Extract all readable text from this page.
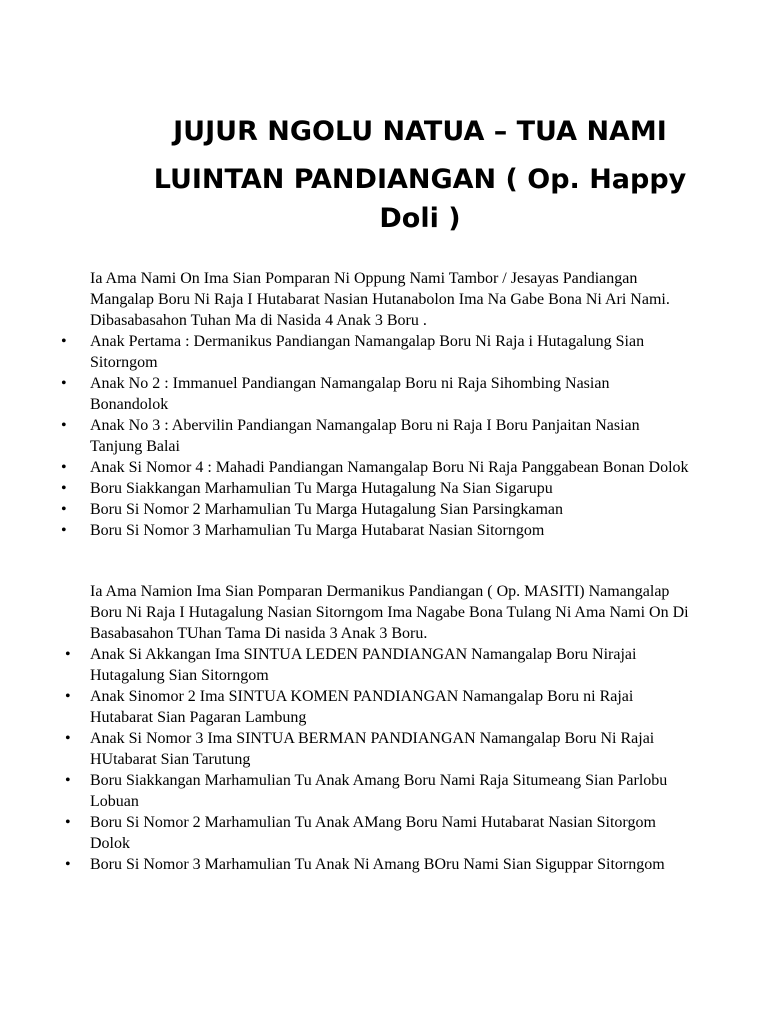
JUJUR NGOLU NATUA – TUA NAMI
LUINTAN PANDIANGAN ( Op. Happy Doli )

Ia Ama Nami On Ima Sian Pomparan Ni Oppung Nami Tambor / Jesayas Pandiangan Mangalap Boru Ni Raja I Hutabarat Nasian Hutanabolon Ima Na Gabe Bona Ni Ari Nami. Dibasabasahon Tuhan Ma di Nasida 4 Anak 3 Boru .

• Anak Pertama : Dermanikus Pandiangan Namangalap Boru Ni Raja i Hutagalung Sian Sitorngom
• Anak No 2 : Immanuel Pandiangan Namangalap Boru ni Raja Sihombing Nasian Bonandolok
• Anak No 3 : Abervilin Pandiangan Namangalap Boru ni Raja I Boru Panjaitan Nasian Tanjung Balai
• Anak Si Nomor 4 : Mahadi Pandiangan Namangalap Boru Ni Raja Panggabean Bonan Dolok
• Boru Siakkangan Marhamulian Tu Marga Hutagalung Na Sian Sigarupu
• Boru Si Nomor 2 Marhamulian Tu Marga Hutagalung Sian Parsingkaman
• Boru Si Nomor 3 Marhamulian Tu Marga Hutabarat Nasian Sitorngom

Ia Ama Namion Ima Sian Pomparan Dermanikus Pandiangan ( Op. MASITI) Namangalap Boru Ni Raja I Hutagalung Nasian Sitorngom Ima Nagabe Bona Tulang Ni Ama Nami On Di Basabasahon TUhan Tama Di nasida 3 Anak 3 Boru.

• Anak Si Akkangan Ima SINTUA LEDEN PANDIANGAN Namangalap Boru Nirajai Hutagalung Sian Sitorngom
• Anak Sinomor 2 Ima SINTUA KOMEN PANDIANGAN Namangalap Boru ni Rajai Hutabarat Sian Pagaran Lambung
• Anak Si Nomor 3 Ima SINTUA BERMAN PANDIANGAN Namangalap Boru Ni Rajai HUtabarat Sian Tarutung
• Boru Siakkangan Marhamulian Tu Anak Amang Boru Nami Raja Situmeang Sian Parlobu Lobuan
• Boru Si Nomor 2 Marhamulian Tu Anak AMang Boru Nami Hutabarat Nasian Sitorgom Dolok
• Boru Si Nomor 3 Marhamulian Tu Anak Ni Amang BOru Nami Sian Siguppar Sitorngom
